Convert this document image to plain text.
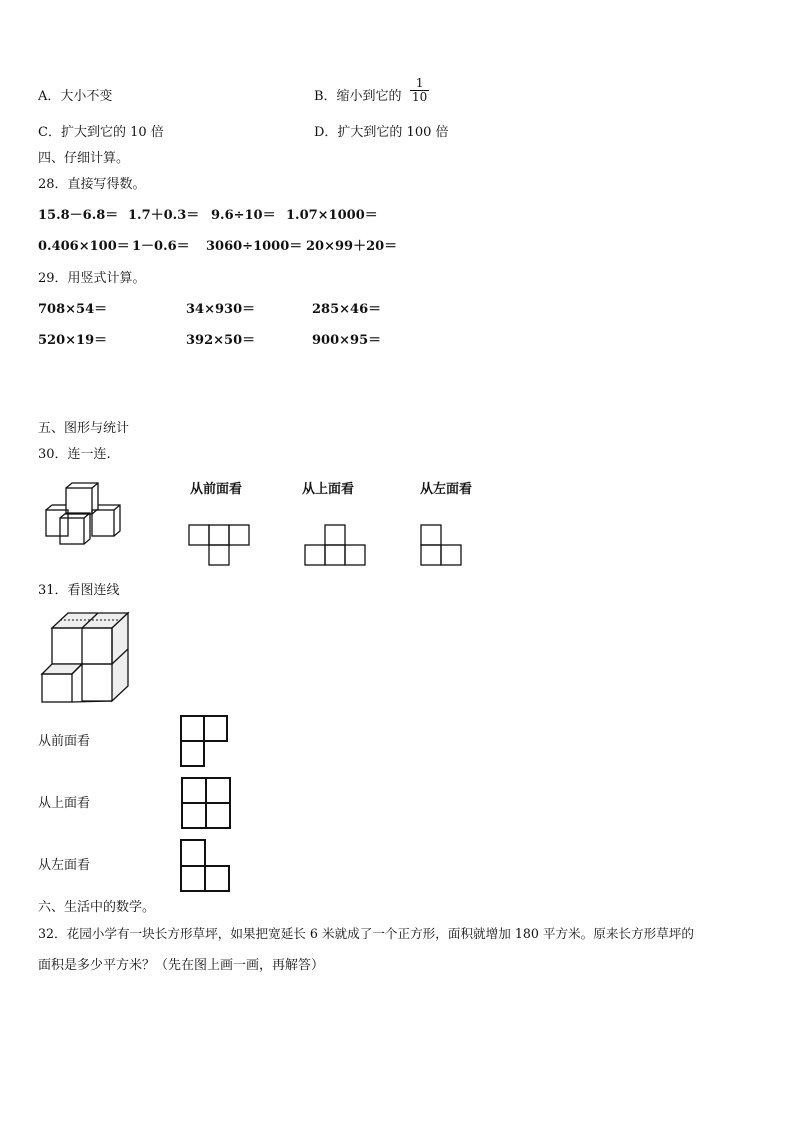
A．大小不变	B．缩小到它的 $\frac{1}{10}$
C．扩大到它的 10 倍	D．扩大到它的 100 倍
四、仔细计算。
28．直接写得数。
15.8－6.8＝ 1.7＋0.3＝ 9.6÷10＝ 1.07×1000＝
0.406×100＝ 1－0.6＝ 3060÷1000＝ 20×99＋20＝
29．用竖式计算。
708×54＝	34×930＝	285×46＝
520×19＝	392×50＝	900×95＝
五、图形与统计
30．连一连.
从前面看	从上面看	从左面看
31．看图连线
从前面看
从上面看
从左面看
六、生活中的数学。
32．花园小学有一块长方形草坪，如果把宽延长 6 米就成了一个正方形，面积就增加 180 平方米。原来长方形草坪的
面积是多少平方米？（先在图上画一画，再解答）
